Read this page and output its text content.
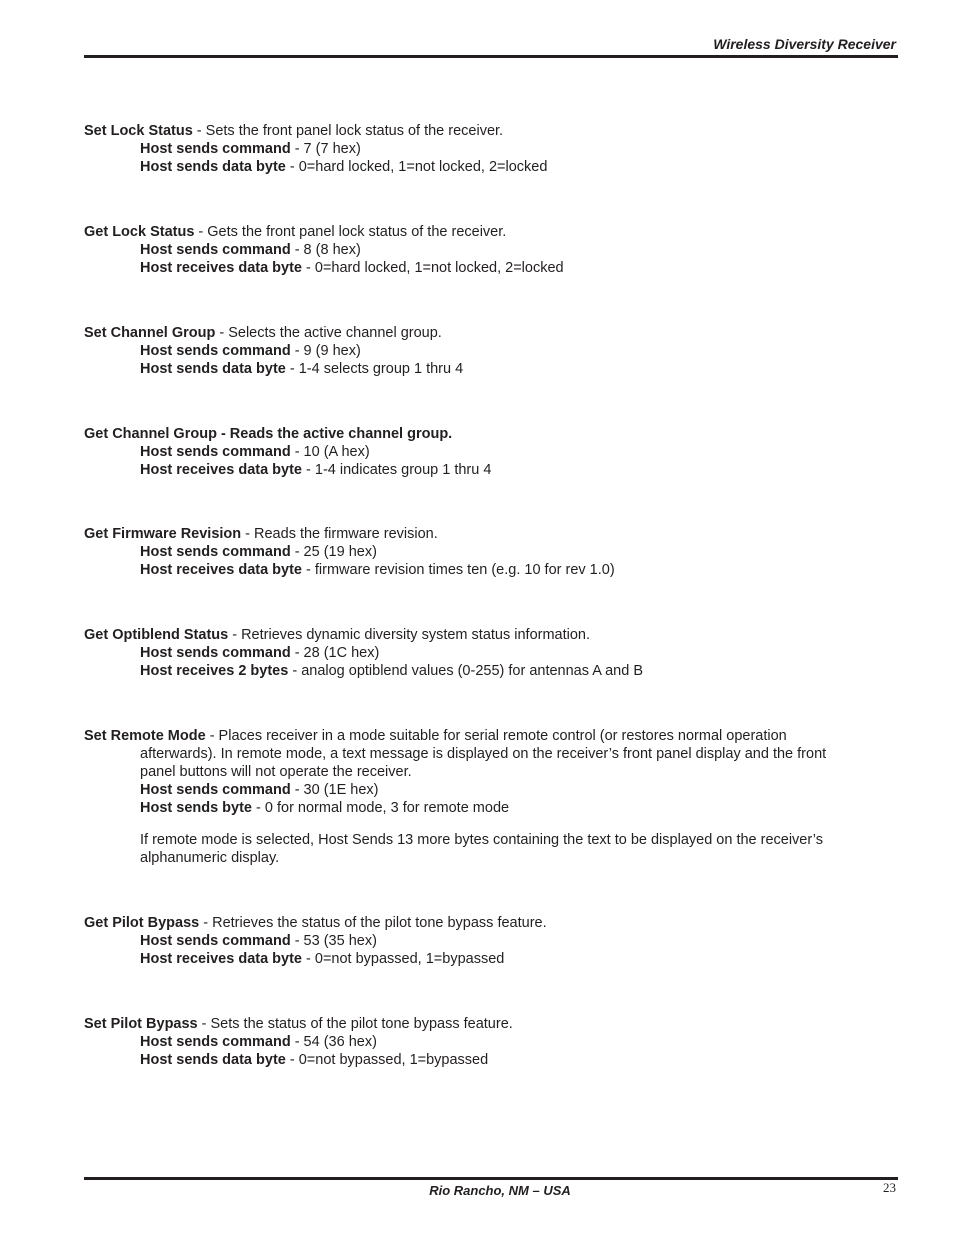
Wireless Diversity Receiver
Set Lock Status - Sets the front panel lock status of the receiver.
Host sends command - 7 (7 hex)
Host sends data byte - 0=hard locked, 1=not locked, 2=locked
Get Lock Status - Gets the front panel lock status of the receiver.
Host sends command - 8 (8 hex)
Host receives data byte - 0=hard locked, 1=not locked, 2=locked
Set Channel Group - Selects the active channel group.
Host sends command - 9 (9 hex)
Host sends data byte - 1-4 selects group 1 thru 4
Get Channel Group - Reads the active channel group.
Host sends command - 10 (A hex)
Host receives data byte - 1-4 indicates group 1 thru 4
Get Firmware Revision - Reads the firmware revision.
Host sends command - 25 (19 hex)
Host receives data byte - firmware revision times ten (e.g. 10 for rev 1.0)
Get Optiblend Status - Retrieves dynamic diversity system status information.
Host sends command - 28 (1C hex)
Host receives 2 bytes - analog optiblend values (0-255) for antennas A and B
Set Remote Mode - Places receiver in a mode suitable for serial remote control (or restores normal operation
afterwards). In remote mode, a text message is displayed on the receiver’s front panel display and the front
panel buttons will not operate the receiver.
Host sends command - 30 (1E hex)
Host sends byte - 0 for normal mode, 3 for remote mode
If remote mode is selected, Host Sends 13 more bytes containing the text to be displayed on the receiver’s
alphanumeric display.
Get Pilot Bypass - Retrieves the status of the pilot tone bypass feature.
Host sends command - 53 (35 hex)
Host receives data byte - 0=not bypassed, 1=bypassed
Set Pilot Bypass - Sets the status of the pilot tone bypass feature.
Host sends command - 54 (36 hex)
Host sends data byte - 0=not bypassed, 1=bypassed
Rio Rancho, NM – USA	23
